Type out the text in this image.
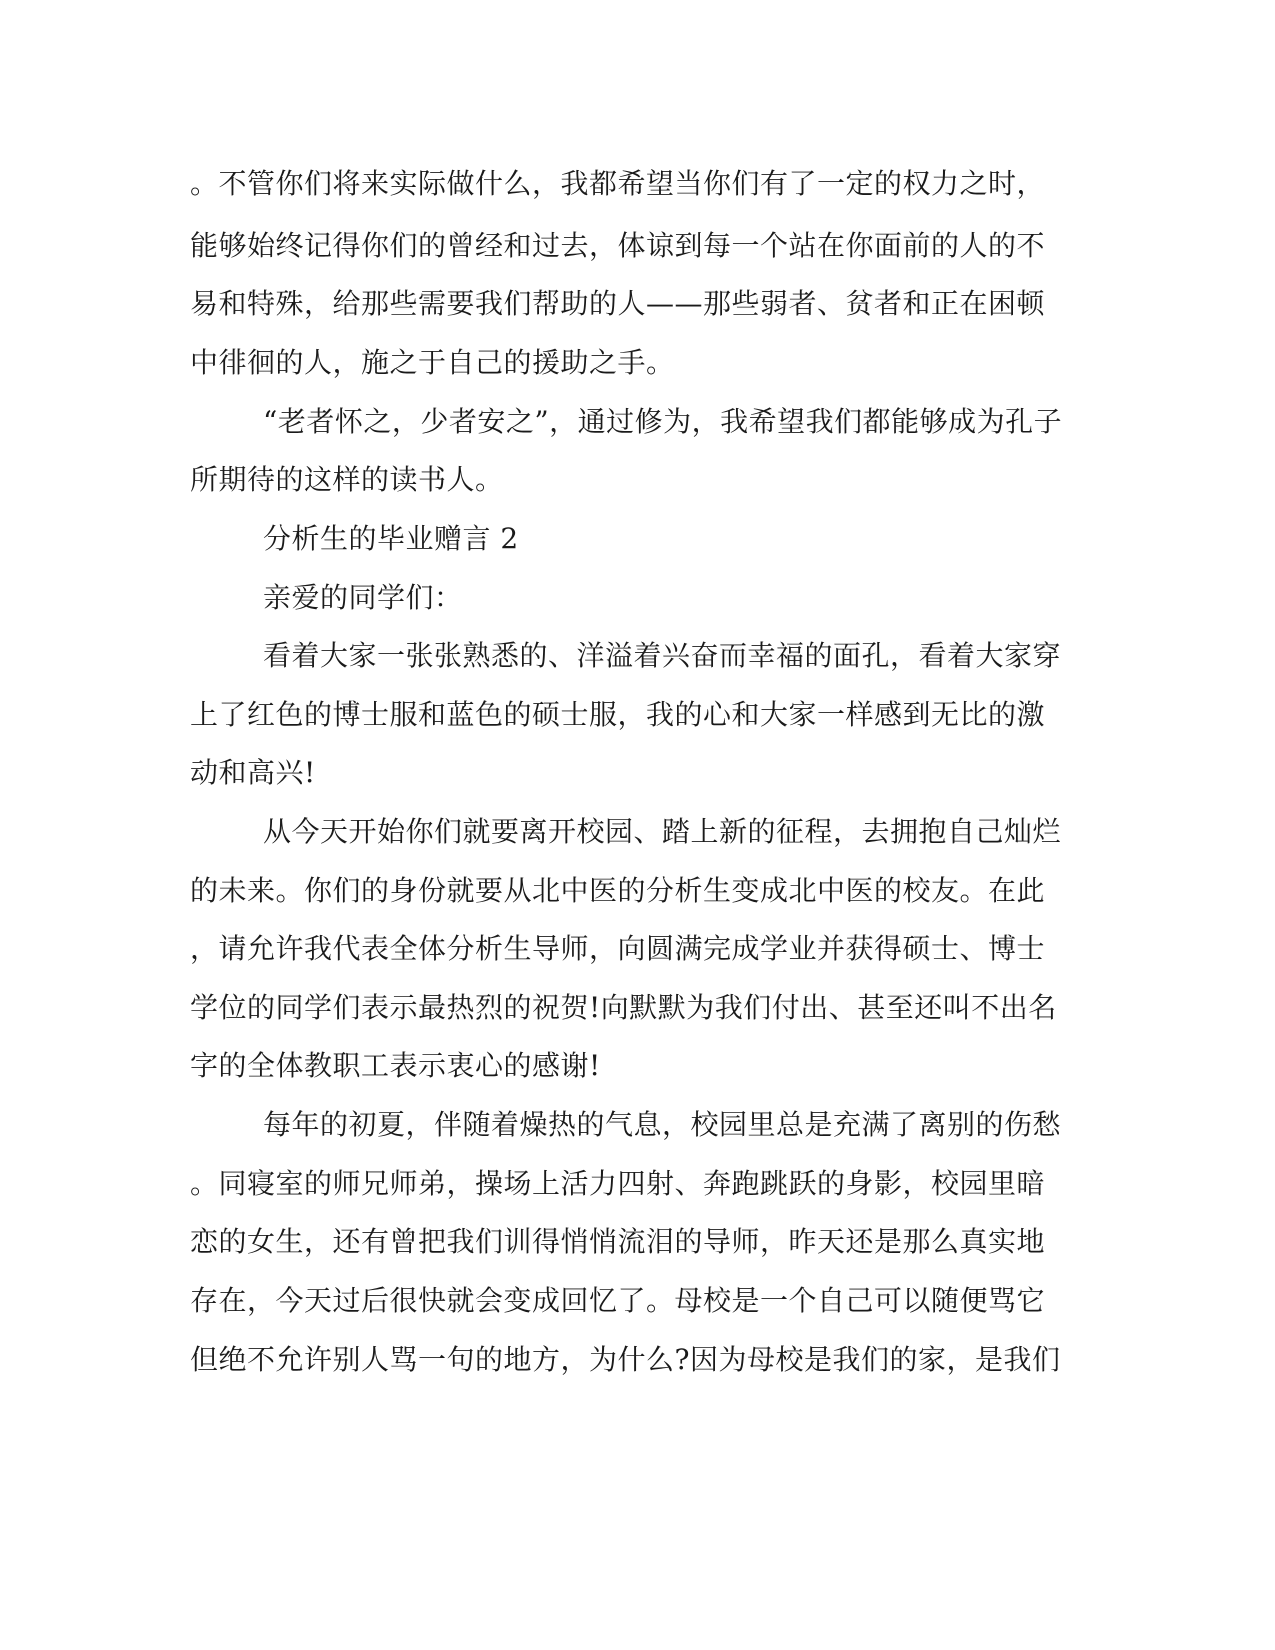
。不管你们将来实际做什么，我都希望当你们有了一定的权力之时，
能够始终记得你们的曾经和过去，体谅到每一个站在你面前的人的不
易和特殊，给那些需要我们帮助的人——那些弱者、贫者和正在困顿
中徘徊的人，施之于自己的援助之手。
“老者怀之，少者安之”，通过修为，我希望我们都能够成为孔子
所期待的这样的读书人。
分析生的毕业赠言 2
亲爱的同学们：
看着大家一张张熟悉的、洋溢着兴奋而幸福的面孔，看着大家穿
上了红色的博士服和蓝色的硕士服，我的心和大家一样感到无比的激
动和高兴!
从今天开始你们就要离开校园、踏上新的征程，去拥抱自己灿烂
的未来。你们的身份就要从北中医的分析生变成北中医的校友。在此
，请允许我代表全体分析生导师，向圆满完成学业并获得硕士、博士
学位的同学们表示最热烈的祝贺!向默默为我们付出、甚至还叫不出名
字的全体教职工表示衷心的感谢!
每年的初夏，伴随着燥热的气息，校园里总是充满了离别的伤愁
。同寝室的师兄师弟，操场上活力四射、奔跑跳跃的身影，校园里暗
恋的女生，还有曾把我们训得悄悄流泪的导师，昨天还是那么真实地
存在，今天过后很快就会变成回忆了。母校是一个自己可以随便骂它
但绝不允许别人骂一句的地方，为什么?因为母校是我们的家，是我们
